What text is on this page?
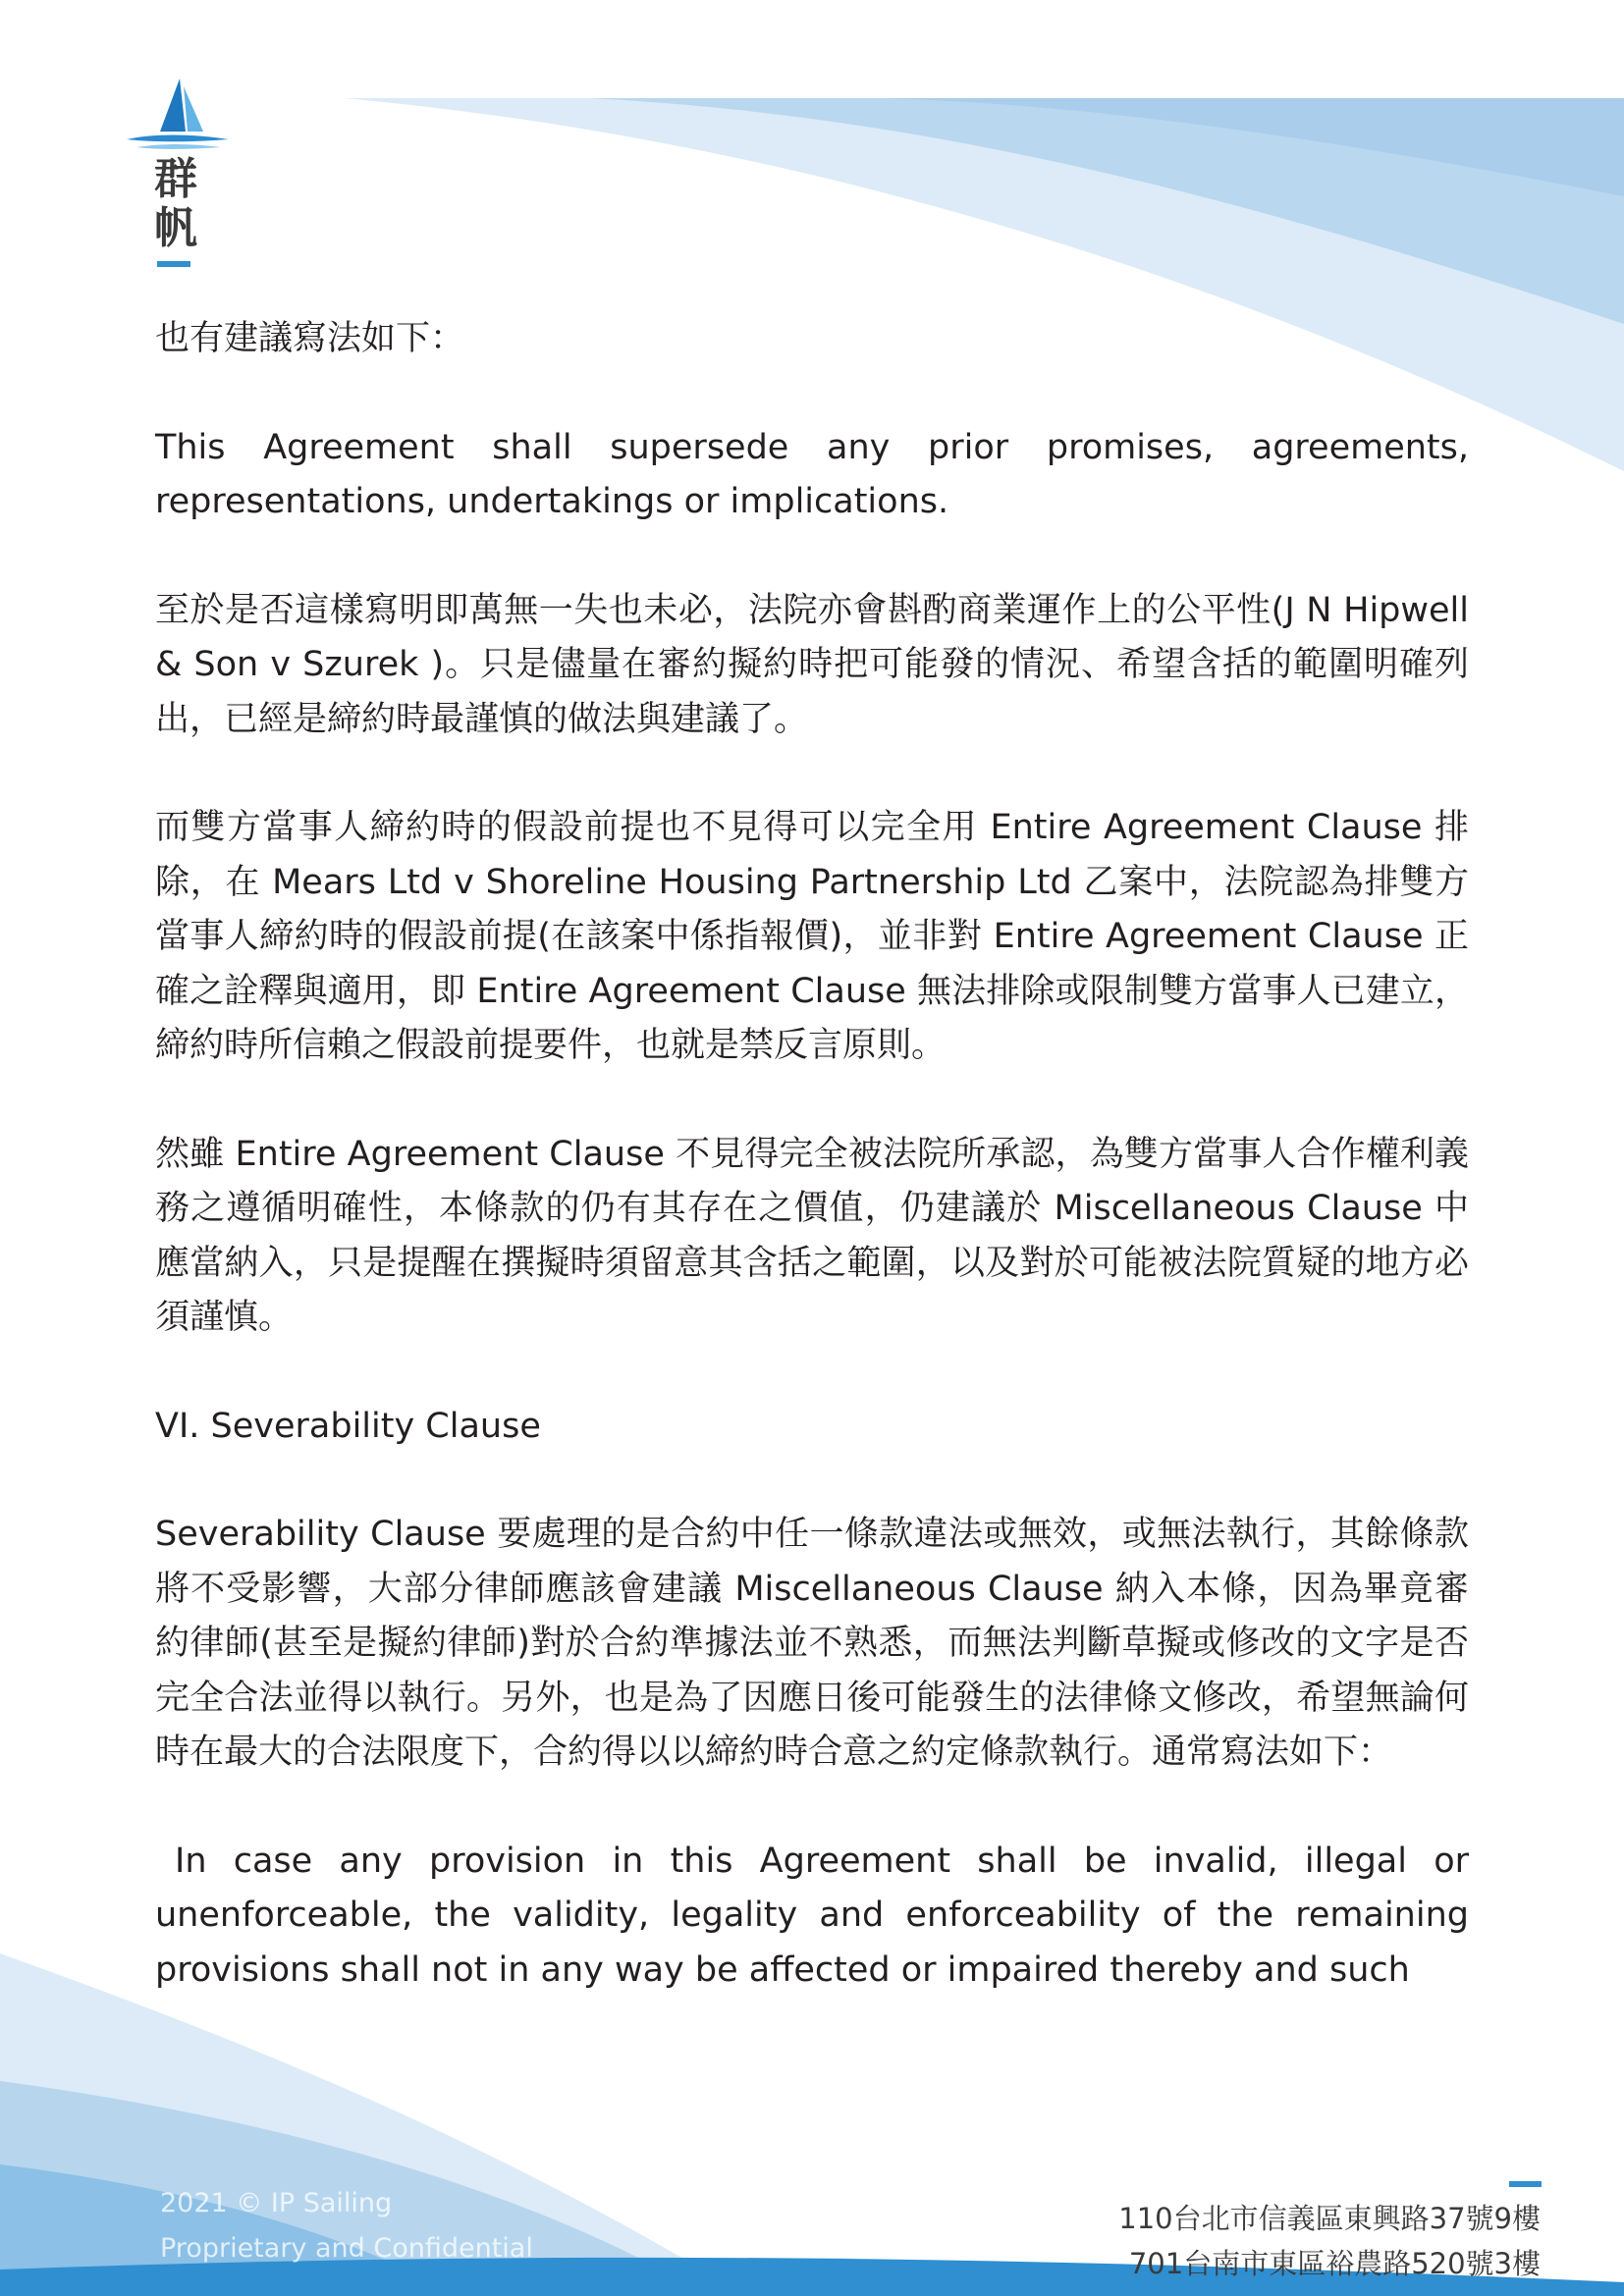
群
帆

也有建議寫法如下：

This Agreement shall supersede any prior promises, agreements, representations, undertakings or implications.

至於是否這樣寫明即萬無一失也未必，法院亦會斟酌商業運作上的公平性(J N Hipwell & Son v Szurek )。只是儘量在審約擬約時把可能發的情況、希望含括的範圍明確列出，已經是締約時最謹慎的做法與建議了。

而雙方當事人締約時的假設前提也不見得可以完全用 Entire Agreement Clause 排除，在 Mears Ltd v Shoreline Housing Partnership Ltd 乙案中，法院認為排雙方當事人締約時的假設前提(在該案中係指報價)，並非對 Entire Agreement Clause 正確之詮釋與適用，即 Entire Agreement Clause 無法排除或限制雙方當事人已建立，締約時所信賴之假設前提要件，也就是禁反言原則。

然雖 Entire Agreement Clause 不見得完全被法院所承認，為雙方當事人合作權利義務之遵循明確性，本條款的仍有其存在之價值，仍建議於 Miscellaneous Clause 中應當納入，只是提醒在撰擬時須留意其含括之範圍，以及對於可能被法院質疑的地方必須謹慎。

VI. Severability Clause

Severability Clause 要處理的是合約中任一條款違法或無效，或無法執行，其餘條款將不受影響，大部分律師應該會建議 Miscellaneous Clause 納入本條，因為畢竟審約律師(甚至是擬約律師)對於合約準據法並不熟悉，而無法判斷草擬或修改的文字是否完全合法並得以執行。另外，也是為了因應日後可能發生的法律條文修改，希望無論何時在最大的合法限度下，合約得以以締約時合意之約定條款執行。通常寫法如下：

In case any provision in this Agreement shall be invalid, illegal or unenforceable, the validity, legality and enforceability of the remaining provisions shall not in any way be affected or impaired thereby and such

2021 © IP Sailing
Proprietary and Confidential
110台北市信義區東興路37號9樓
701台南市東區裕農路520號3樓
